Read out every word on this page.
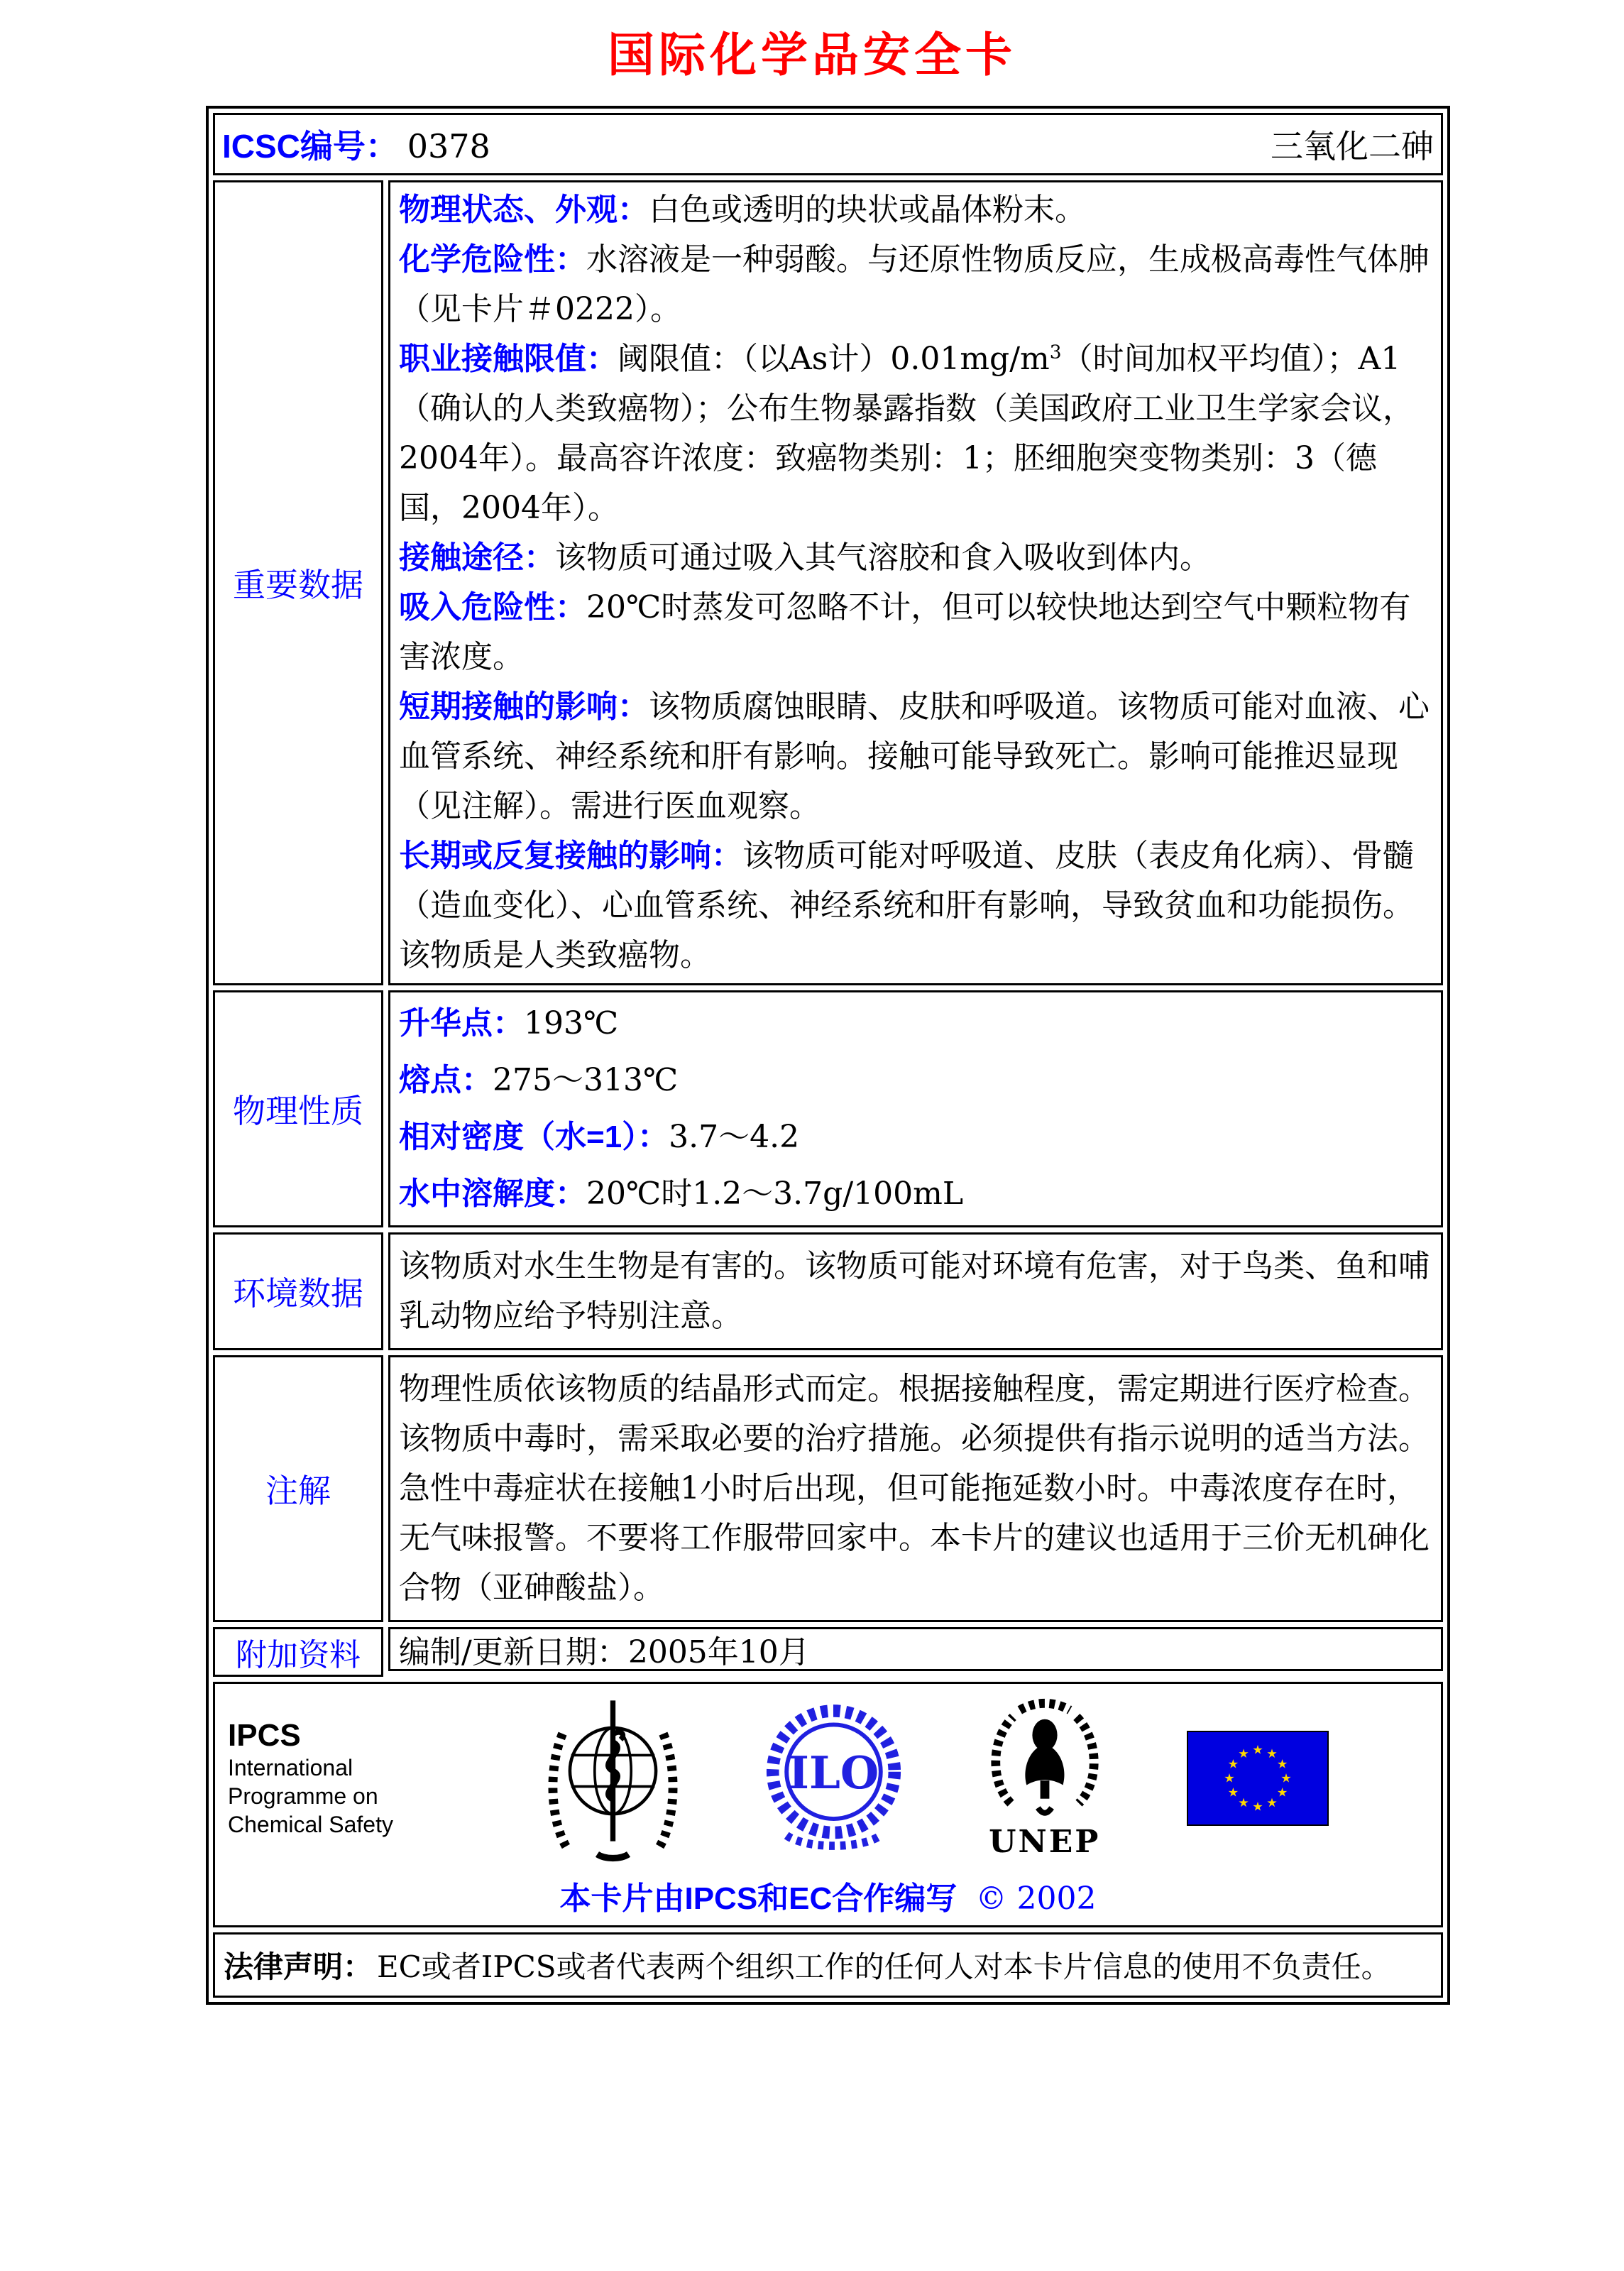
国际化学品安全卡
ICSC编号： 0378	三氧化二砷
重要数据
物理状态、外观：白色或透明的块状或晶体粉末。
化学危险性：水溶液是一种弱酸。与还原性物质反应，生成极高毒性气体胂（见卡片＃0222）。
职业接触限值：阈限值：（以As计）$0.01mg/m^3$（时间加权平均值）；A1（确认的人类致癌物）；公布生物暴露指数（美国政府工业卫生学家会议，2004年）。最高容许浓度：致癌物类别：1；胚细胞突变物类别：3（德国，2004年）。
接触途径：该物质可通过吸入其气溶胶和食入吸收到体内。
吸入危险性：20℃时蒸发可忽略不计，但可以较快地达到空气中颗粒物有害浓度。
短期接触的影响：该物质腐蚀眼睛、皮肤和呼吸道。该物质可能对血液、心血管系统、神经系统和肝有影响。接触可能导致死亡。影响可能推迟显现（见注解）。需进行医血观察。
长期或反复接触的影响：该物质可能对呼吸道、皮肤（表皮角化病）、骨髓（造血变化）、心血管系统、神经系统和肝有影响，导致贫血和功能损伤。该物质是人类致癌物。
物理性质
升华点：193℃
熔点：275～313℃
相对密度（水=1）：3.7～4.2
水中溶解度：20℃时1.2～3.7g/100mL
环境数据
该物质对水生生物是有害的。该物质可能对环境有危害，对于鸟类、鱼和哺乳动物应给予特别注意。
注解
物理性质依该物质的结晶形式而定。根据接触程度，需定期进行医疗检查。该物质中毒时，需采取必要的治疗措施。必须提供有指示说明的适当方法。急性中毒症状在接触1小时后出现，但可能拖延数小时。中毒浓度存在时，无气味报警。不要将工作服带回家中。本卡片的建议也适用于三价无机砷化合物（亚砷酸盐）。
附加资料 编制/更新日期： 2005年10月
IPCS
International
Programme on
Chemical Safety
ILO
UNEP
本卡片由IPCS和EC合作编写 © 2002
法律声明： EC或者IPCS或者代表两个组织工作的任何人对本卡片信息的使用不负责任。
